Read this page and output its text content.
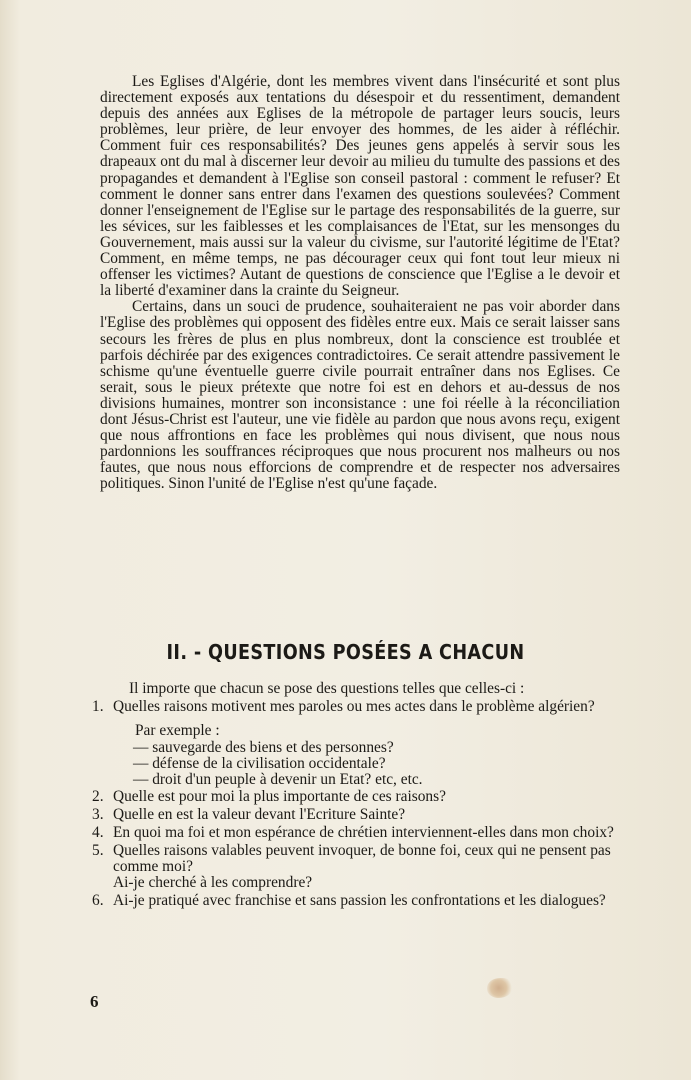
Les Eglises d'Algérie, dont les membres vivent dans l'insécurité et sont plus directement exposés aux tentations du désespoir et du ressentiment, demandent depuis des années aux Eglises de la métropole de partager leurs soucis, leurs problèmes, leur prière, de leur envoyer des hommes, de les aider à réfléchir. Comment fuir ces responsabilités? Des jeunes gens appelés à servir sous les drapeaux ont du mal à discerner leur devoir au milieu du tumulte des passions et des propagandes et demandent à l'Eglise son conseil pastoral : comment le refuser? Et comment le donner sans entrer dans l'examen des questions soulevées? Comment donner l'enseignement de l'Eglise sur le partage des responsabilités de la guerre, sur les sévices, sur les faiblesses et les complaisances de l'Etat, sur les mensonges du Gouvernement, mais aussi sur la valeur du civisme, sur l'autorité légitime de l'Etat? Comment, en même temps, ne pas décourager ceux qui font tout leur mieux ni offenser les victimes? Autant de questions de conscience que l'Eglise a le devoir et la liberté d'examiner dans la crainte du Seigneur.

Certains, dans un souci de prudence, souhaiteraient ne pas voir aborder dans l'Eglise des problèmes qui opposent des fidèles entre eux. Mais ce serait laisser sans secours les frères de plus en plus nombreux, dont la conscience est troublée et parfois déchirée par des exigences contradictoires. Ce serait attendre passivement le schisme qu'une éventuelle guerre civile pourrait entraîner dans nos Eglises. Ce serait, sous le pieux prétexte que notre foi est en dehors et au-dessus de nos divisions humaines, montrer son inconsistance : une foi réelle à la réconciliation dont Jésus-Christ est l'auteur, une vie fidèle au pardon que nous avons reçu, exigent que nous affrontions en face les problèmes qui nous divisent, que nous nous pardonnions les souffrances réciproques que nous procurent nos malheurs ou nos fautes, que nous nous efforcions de comprendre et de respecter nos adversaires politiques. Sinon l'unité de l'Eglise n'est qu'une façade.

II. - QUESTIONS POSÉES A CHACUN

Il importe que chacun se pose des questions telles que celles-ci :

1. Quelles raisons motivent mes paroles ou mes actes dans le problème algérien?
Par exemple :
— sauvegarde des biens et des personnes?
— défense de la civilisation occidentale?
— droit d'un peuple à devenir un Etat? etc, etc.
2. Quelle est pour moi la plus importante de ces raisons?
3. Quelle en est la valeur devant l'Ecriture Sainte?
4. En quoi ma foi et mon espérance de chrétien interviennent-elles dans mon choix?
5. Quelles raisons valables peuvent invoquer, de bonne foi, ceux qui ne pensent pas comme moi?
Ai-je cherché à les comprendre?
6. Ai-je pratiqué avec franchise et sans passion les confrontations et les dialogues?
6
